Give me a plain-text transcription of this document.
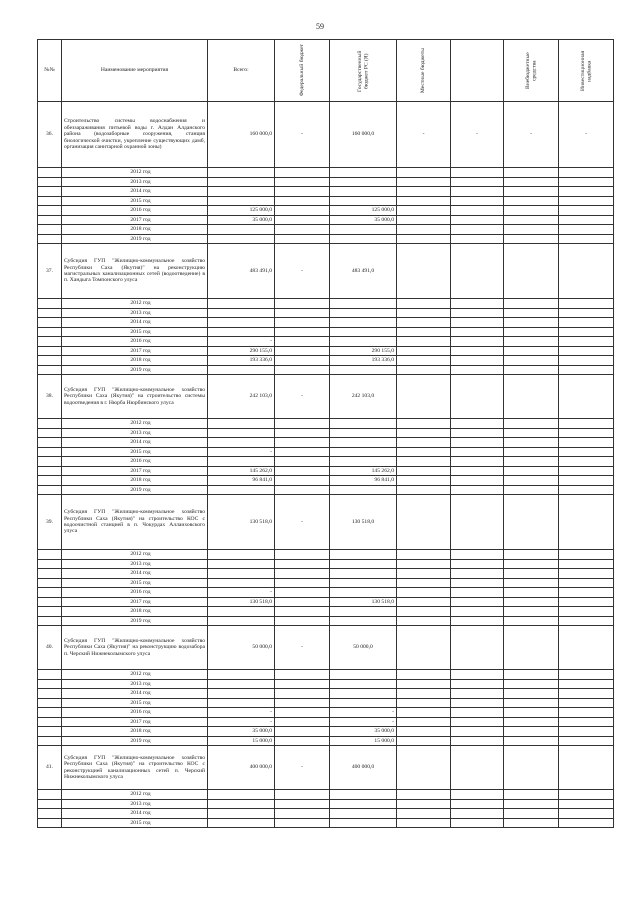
59
№№	Наименование мероприятия	Всего:	Федеральный бюджет	Государственный бюджет РС (Я)	Местные бюджеты		Внебюджетные средства	Инвестиционная надбавка

36.	Строительство системы водоснабжения и обеззараживания питьевой воды г. Алдан Алданского района (водозаборные сооружения, станция биологической очистки, укрепление существующих дамб, организация санитарной охранной зоны)	160 000,0	-	160 000,0	-	-	-	-
	2012 год							
	2013 год							
	2014 год							
	2015 год							
	2016 год	125 000,0		125 000,0				
	2017 год	35 000,0		35 000,0				
	2018 год							
	2019 год							
37.	Субсидия ГУП "Жилищно-коммунальное хозяйство Республики Саха (Якутия)" на реконструкцию магистральных канализационных сетей (водоотведение) в п. Хандыга Томпонского улуса	483 491,0	-	483 491,0				
	2012 год							
	2013 год							
	2014 год							
	2015 год							
	2016 год	-						
	2017 год	290 155,0		290 155,0				
	2018 год	193 336,0		193 336,0				
	2019 год							
38.	Субсидия ГУП "Жилищно-коммунальное хозяйство Республики Саха (Якутия)" на строительство системы водоотведения в г. Нюрба Нюрбинского улуса	242 103,0	-	242 103,0				
	2012 год							
	2013 год							
	2014 год							
	2015 год	-						
	2016 год							
	2017 год	145 262,0		145 262,0				
	2018 год	96 841,0		96 841,0				
	2019 год							
39.	Субсидия ГУП "Жилищно-коммунальное хозяйство Республики Саха (Якутия)" на строительство КОС с водоочистной станцией в п. Чокурдах Аллаиховского улуса	130 518,0	-	130 518,0				
	2012 год							
	2013 год							
	2014 год							
	2015 год							
	2016 год	-						
	2017 год	130 518,0		130 518,0				
	2018 год							
	2019 год							
40.	Субсидия ГУП "Жилищно-коммунальное хозяйство Республики Саха (Якутия)" на реконструкцию водозабора п. Черский Нижнеколымского улуса	50 000,0	-	50 000,0				
	2012 год							
	2013 год							
	2014 год							
	2015 год							
	2016 год	-		-				
	2017 год	-		-				
	2018 год	35 000,0		35 000,0				
	2019 год	15 000,0		15 000,0				
41.	Субсидия ГУП "Жилищно-коммунальное хозяйство Республики Саха (Якутия)" на строительство КОС с реконструкцией канализационных сетей п. Черский Нижнеколымского улуса	400 000,0	-	400 000,0				
	2012 год							
	2013 год							
	2014 год							
	2015 год							
